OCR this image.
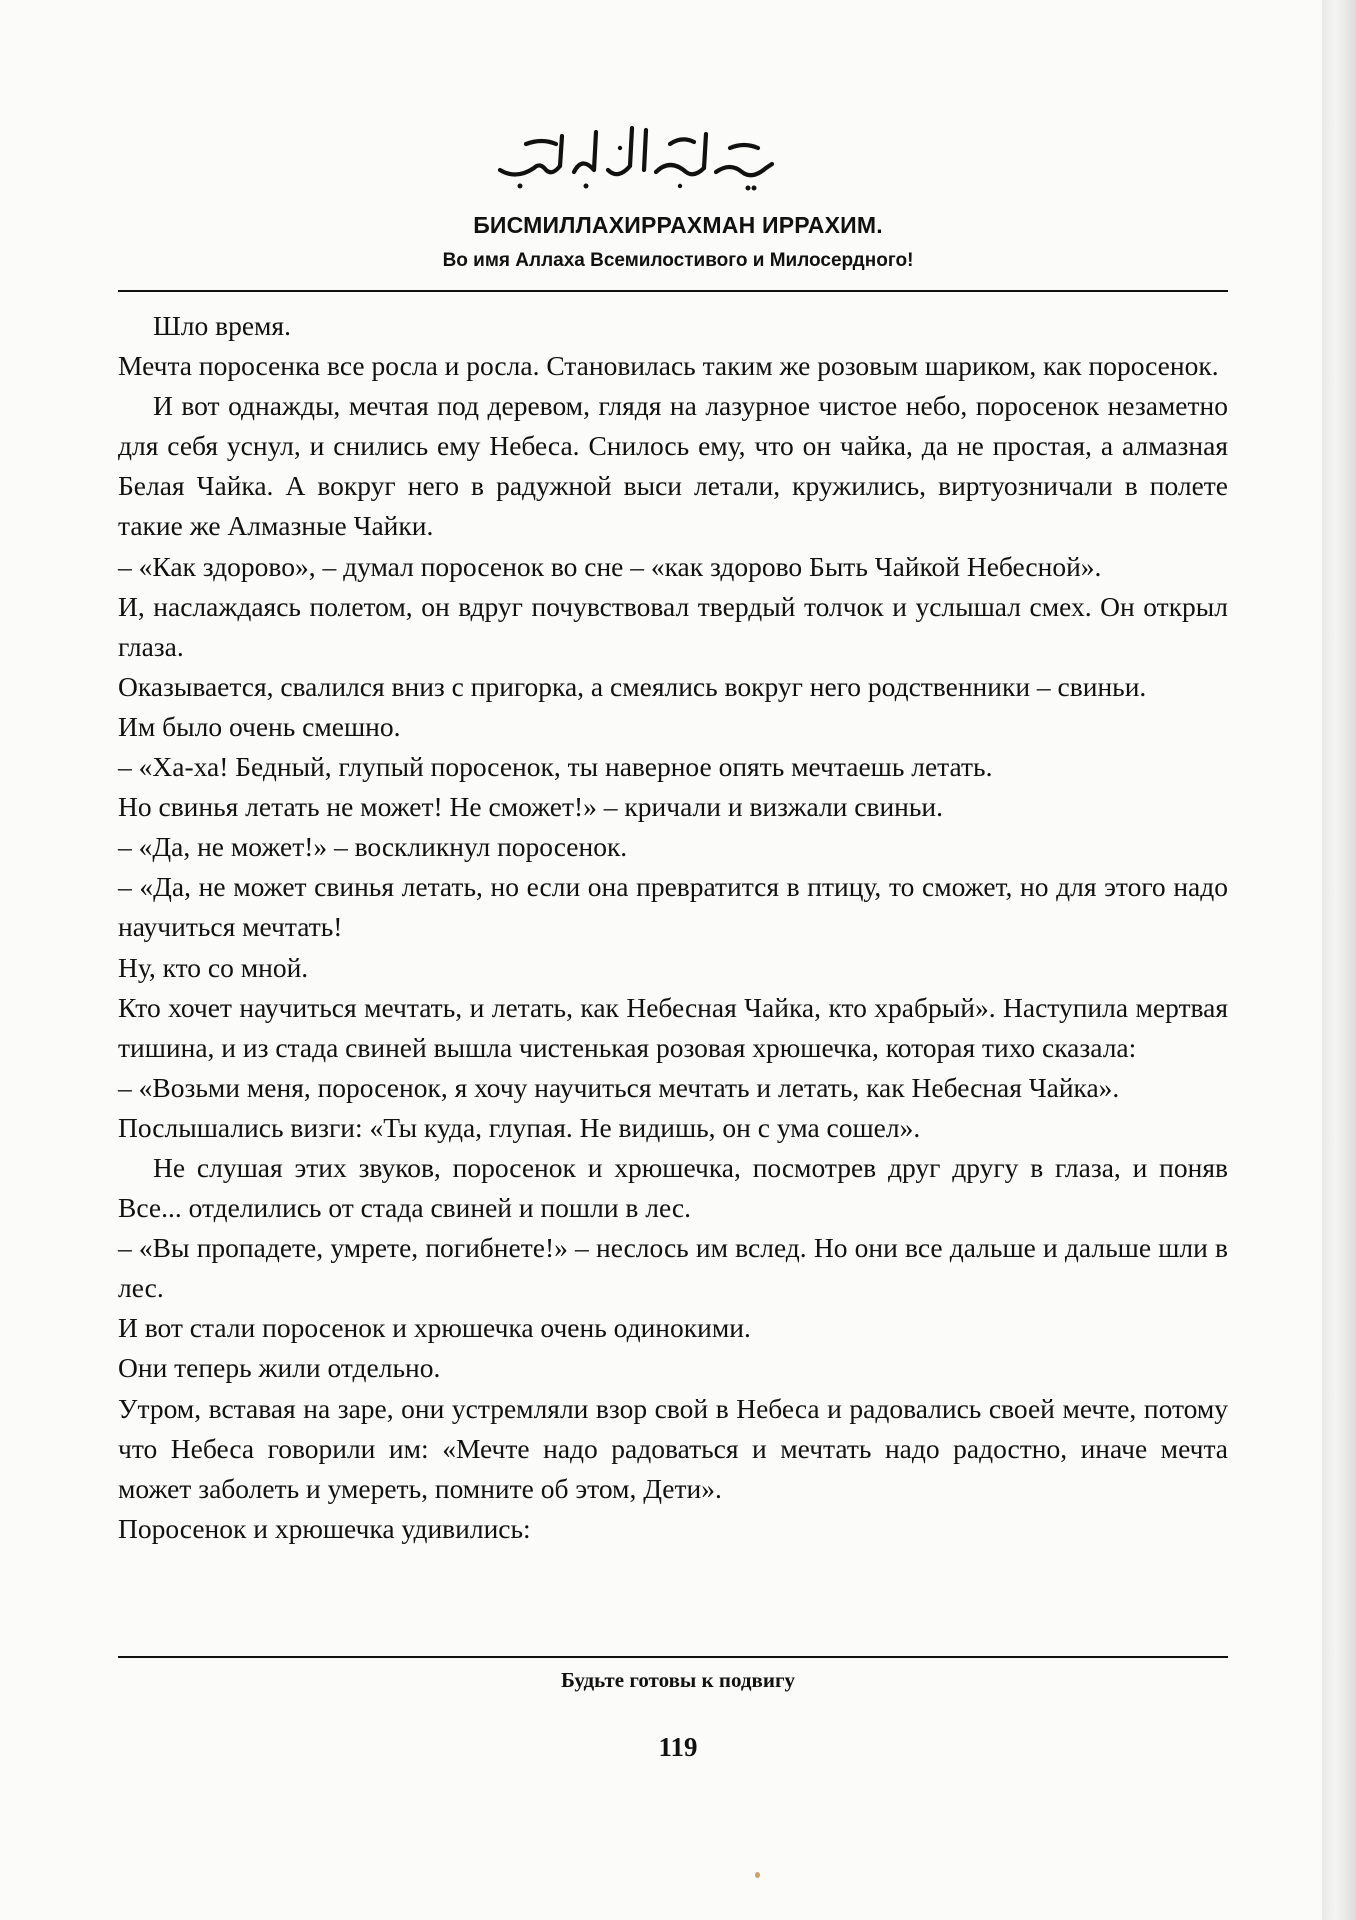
БИСМИЛЛАХИРРАХМАН ИРРАХИМ.
Во имя Аллаха Всемилостивого и Милосердного!

Шло время.

Мечта поросенка все росла и росла. Становилась таким же розовым шариком, как поросенок.

И вот однажды, мечтая под деревом, глядя на лазурное чистое небо, поросенок незаметно для себя уснул, и снились ему Небеса. Снилось ему, что он чайка, да не простая, а алмазная Белая Чайка. А вокруг него в радужной выси летали, кружились, виртуозничали в полете такие же Алмазные Чайки.

– «Как здорово», – думал поросенок во сне – «как здорово Быть Чайкой Небесной».

И, наслаждаясь полетом, он вдруг почувствовал твердый толчок и услышал смех. Он открыл глаза.

Оказывается, свалился вниз с пригорка, а смеялись вокруг него родственники – свиньи.

Им было очень смешно.

– «Ха-ха! Бедный, глупый поросенок, ты наверное опять мечтаешь летать.

Но свинья летать не может! Не сможет!» – кричали и визжали свиньи.

– «Да, не может!» – воскликнул поросенок.

– «Да, не может свинья летать, но если она превратится в птицу, то сможет, но для этого надо научиться мечтать!

Ну, кто со мной.

Кто хочет научиться мечтать, и летать, как Небесная Чайка, кто храбрый». Наступила мертвая тишина, и из стада свиней вышла чистенькая розовая хрюшечка, которая тихо сказала:

– «Возьми меня, поросенок, я хочу научиться мечтать и летать, как Небесная Чайка».

Послышались визги: «Ты куда, глупая. Не видишь, он с ума сошел».

Не слушая этих звуков, поросенок и хрюшечка, посмотрев друг другу в глаза, и поняв Все... отделились от стада свиней и пошли в лес.

– «Вы пропадете, умрете, погибнете!» – неслось им вслед. Но они все дальше и дальше шли в лес.

И вот стали поросенок и хрюшечка очень одинокими.

Они теперь жили отдельно.

Утром, вставая на заре, они устремляли взор свой в Небеса и радовались своей мечте, потому что Небеса говорили им: «Мечте надо радоваться и мечтать надо радостно, иначе мечта может заболеть и умереть, помните об этом, Дети».

Поросенок и хрюшечка удивились:

Будьте готовы к подвигу
119
